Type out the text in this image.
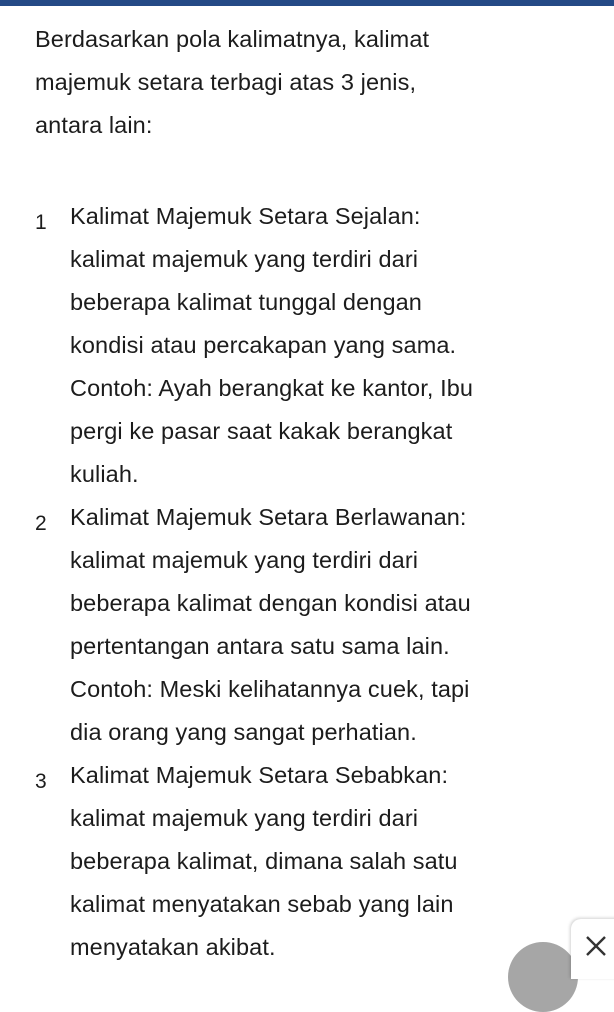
Berdasarkan pola kalimatnya, kalimat
majemuk setara terbagi atas 3 jenis,
antara lain:

1 Kalimat Majemuk Setara Sejalan:
kalimat majemuk yang terdiri dari
beberapa kalimat tunggal dengan
kondisi atau percakapan yang sama.
Contoh: Ayah berangkat ke kantor, Ibu
pergi ke pasar saat kakak berangkat
kuliah.
2 Kalimat Majemuk Setara Berlawanan:
kalimat majemuk yang terdiri dari
beberapa kalimat dengan kondisi atau
pertentangan antara satu sama lain.
Contoh: Meski kelihatannya cuek, tapi
dia orang yang sangat perhatian.
3 Kalimat Majemuk Setara Sebabkan:
kalimat majemuk yang terdiri dari
beberapa kalimat, dimana salah satu
kalimat menyatakan sebab yang lain
menyatakan akibat.
